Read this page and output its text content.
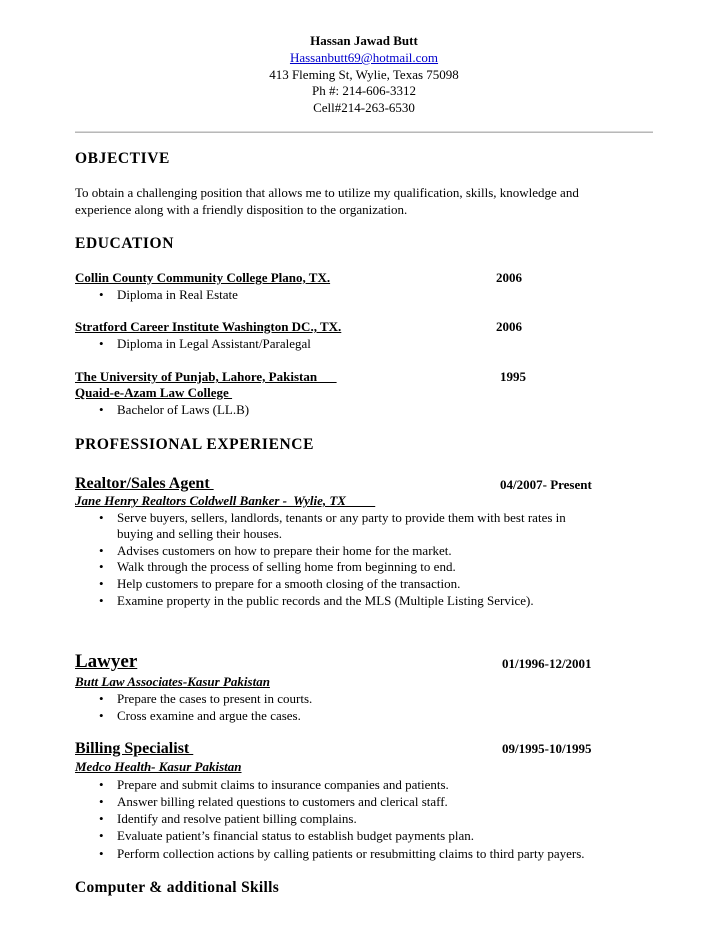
Hassan Jawad Butt
Hassanbutt69@hotmail.com
413 Fleming St, Wylie, Texas 75098
Ph #: 214-606-3312
Cell#214-263-6530
OBJECTIVE
To obtain a challenging position that allows me to utilize my qualification, skills, knowledge and
experience along with a friendly disposition to the organization.
EDUCATION
Collin County Community College Plano, TX.	2006
• Diploma in Real Estate
Stratford Career Institute Washington DC., TX.	2006
• Diploma in Legal Assistant/Paralegal
The University of Punjab, Lahore, Pakistan	1995
Quaid-e-Azam Law College
• Bachelor of Laws (LL.B)
PROFESSIONAL EXPERIENCE
Realtor/Sales Agent	04/2007- Present
Jane Henry Realtors Coldwell Banker -  Wylie, TX
• Serve buyers, sellers, landlords, tenants or any party to provide them with best rates in
buying and selling their houses.
• Advises customers on how to prepare their home for the market.
• Walk through the process of selling home from beginning to end.
• Help customers to prepare for a smooth closing of the transaction.
• Examine property in the public records and the MLS (Multiple Listing Service).
Lawyer	01/1996-12/2001
Butt Law Associates-Kasur Pakistan
• Prepare the cases to present in courts.
• Cross examine and argue the cases.
Billing Specialist	09/1995-10/1995
Medco Health- Kasur Pakistan
• Prepare and submit claims to insurance companies and patients.
• Answer billing related questions to customers and clerical staff.
• Identify and resolve patient billing complains.
• Evaluate patient’s financial status to establish budget payments plan.
• Perform collection actions by calling patients or resubmitting claims to third party payers.
Computer & additional Skills
